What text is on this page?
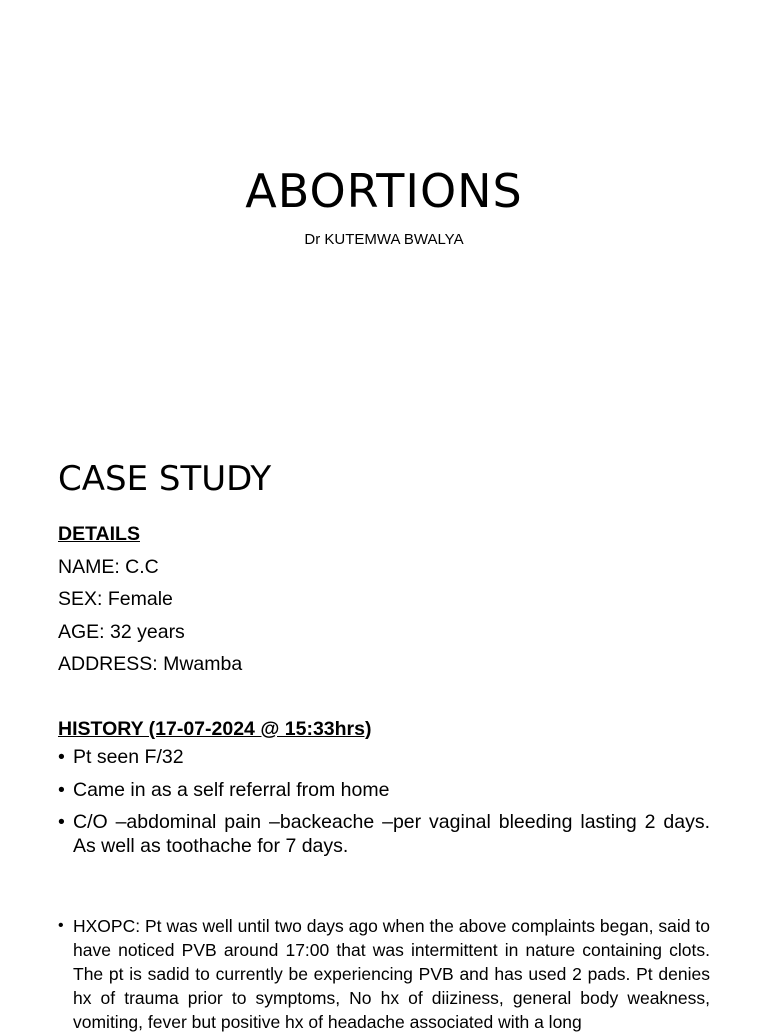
ABORTIONS
Dr KUTEMWA BWALYA
CASE STUDY
DETAILS
NAME: C.C
SEX: Female
AGE: 32 years
ADDRESS: Mwamba
HISTORY (17-07-2024 @ 15:33hrs)
• Pt seen F/32
• Came in as a self referral from home
• C/O –abdominal pain –backeache –per vaginal bleeding lasting 2 days. As well as toothache for 7 days.
• HXOPC: Pt was well until two days ago when the above complaints began, said to have noticed PVB around 17:00 that was intermittent in nature containing clots. The pt is sadid to currently be experiencing PVB and has used 2 pads. Pt denies hx of trauma prior to symptoms, No hx of diiziness, general body weakness, vomiting, fever but positive hx of headache associated with a long
